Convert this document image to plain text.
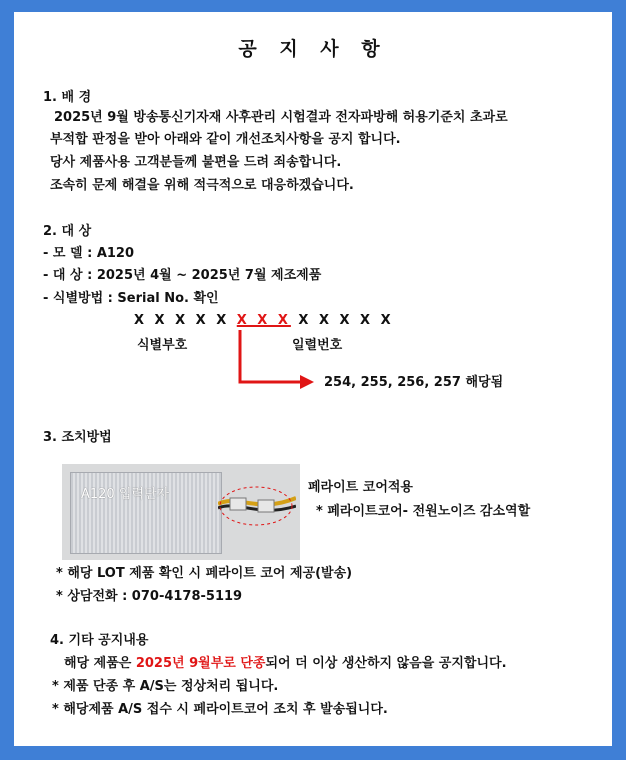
공 지 사 항
1. 배 경
2025년 9월 방송통신기자재 사후관리 시험결과 전자파방해 허용기준치 초과로
부적합 판정을 받아 아래와 같이 개선조치사항을 공지 합니다.
당사 제품사용 고객분들께 불편을 드려 죄송합니다.
조속히 문제 해결을 위해 적극적으로 대응하겠습니다.
2. 대 상
- 모 델 : A120
- 대 상 : 2025년 4월 ~ 2025년 7월 제조제품
- 식별방법 : Serial No. 확인
X X X X X X X X X X X X X
식별부호	일렬번호
254, 255, 256, 257 해당됨
3. 조치방법
A120 입력단자	페라이트 코어적용
* 페라이트코어- 전원노이즈 감소역할
* 해당 LOT 제품 확인 시 페라이트 코어 제공(발송)
* 상담전화 : 070-4178-5119
4. 기타 공지내용
해당 제품은 2025년 9월부로 단종되어 더 이상 생산하지 않음을 공지합니다.
* 제품 단종 후 A/S는 정상처리 됩니다.
* 해당제품 A/S 접수 시 페라이트코어 조치 후 발송됩니다.
